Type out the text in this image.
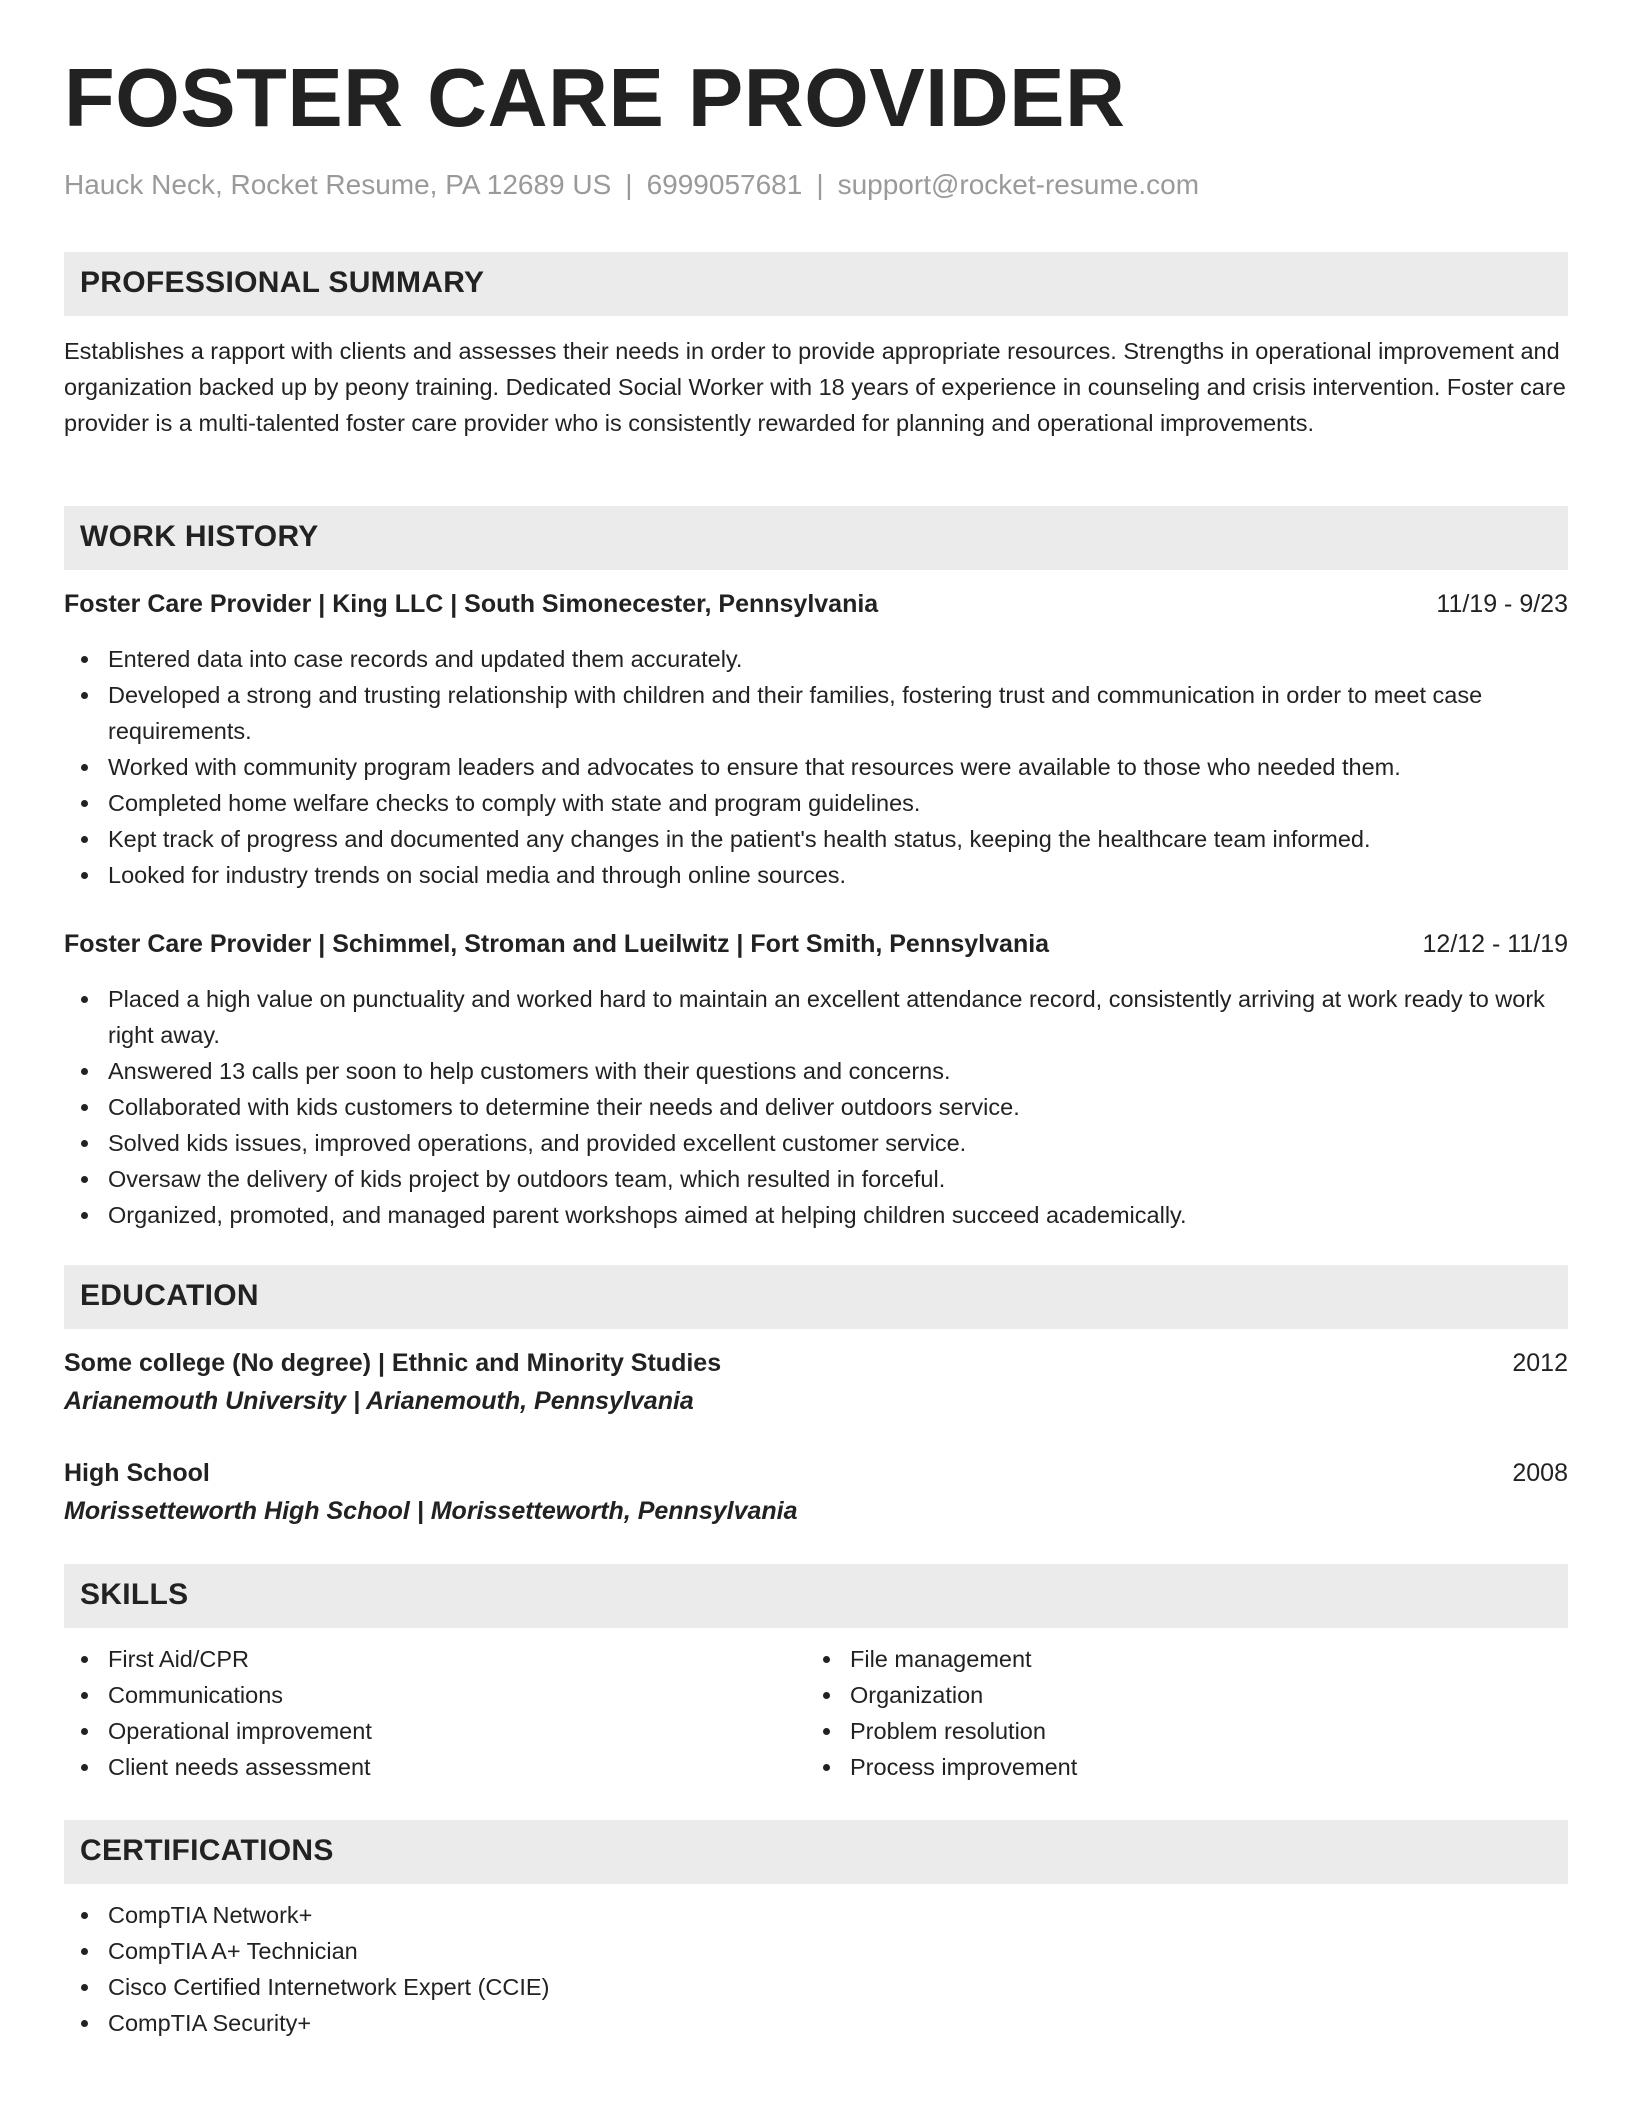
FOSTER CARE PROVIDER
Hauck Neck, Rocket Resume, PA 12689 US | 6999057681 | support@rocket-resume.com
PROFESSIONAL SUMMARY
Establishes a rapport with clients and assesses their needs in order to provide appropriate resources. Strengths in operational improvement and organization backed up by peony training. Dedicated Social Worker with 18 years of experience in counseling and crisis intervention. Foster care provider is a multi-talented foster care provider who is consistently rewarded for planning and operational improvements.
WORK HISTORY
Foster Care Provider | King LLC | South Simonecester, Pennsylvania	11/19 - 9/23
Entered data into case records and updated them accurately.
Developed a strong and trusting relationship with children and their families, fostering trust and communication in order to meet case requirements.
Worked with community program leaders and advocates to ensure that resources were available to those who needed them.
Completed home welfare checks to comply with state and program guidelines.
Kept track of progress and documented any changes in the patient's health status, keeping the healthcare team informed.
Looked for industry trends on social media and through online sources.
Foster Care Provider | Schimmel, Stroman and Lueilwitz | Fort Smith, Pennsylvania	12/12 - 11/19
Placed a high value on punctuality and worked hard to maintain an excellent attendance record, consistently arriving at work ready to work right away.
Answered 13 calls per soon to help customers with their questions and concerns.
Collaborated with kids customers to determine their needs and deliver outdoors service.
Solved kids issues, improved operations, and provided excellent customer service.
Oversaw the delivery of kids project by outdoors team, which resulted in forceful.
Organized, promoted, and managed parent workshops aimed at helping children succeed academically.
EDUCATION
Some college (No degree) | Ethnic and Minority Studies	2012
Arianemouth University | Arianemouth, Pennsylvania
High School	2008
Morissetteworth High School | Morissetteworth, Pennsylvania
SKILLS
First Aid/CPR
Communications
Operational improvement
Client needs assessment
File management
Organization
Problem resolution
Process improvement
CERTIFICATIONS
CompTIA Network+
CompTIA A+ Technician
Cisco Certified Internetwork Expert (CCIE)
CompTIA Security+
